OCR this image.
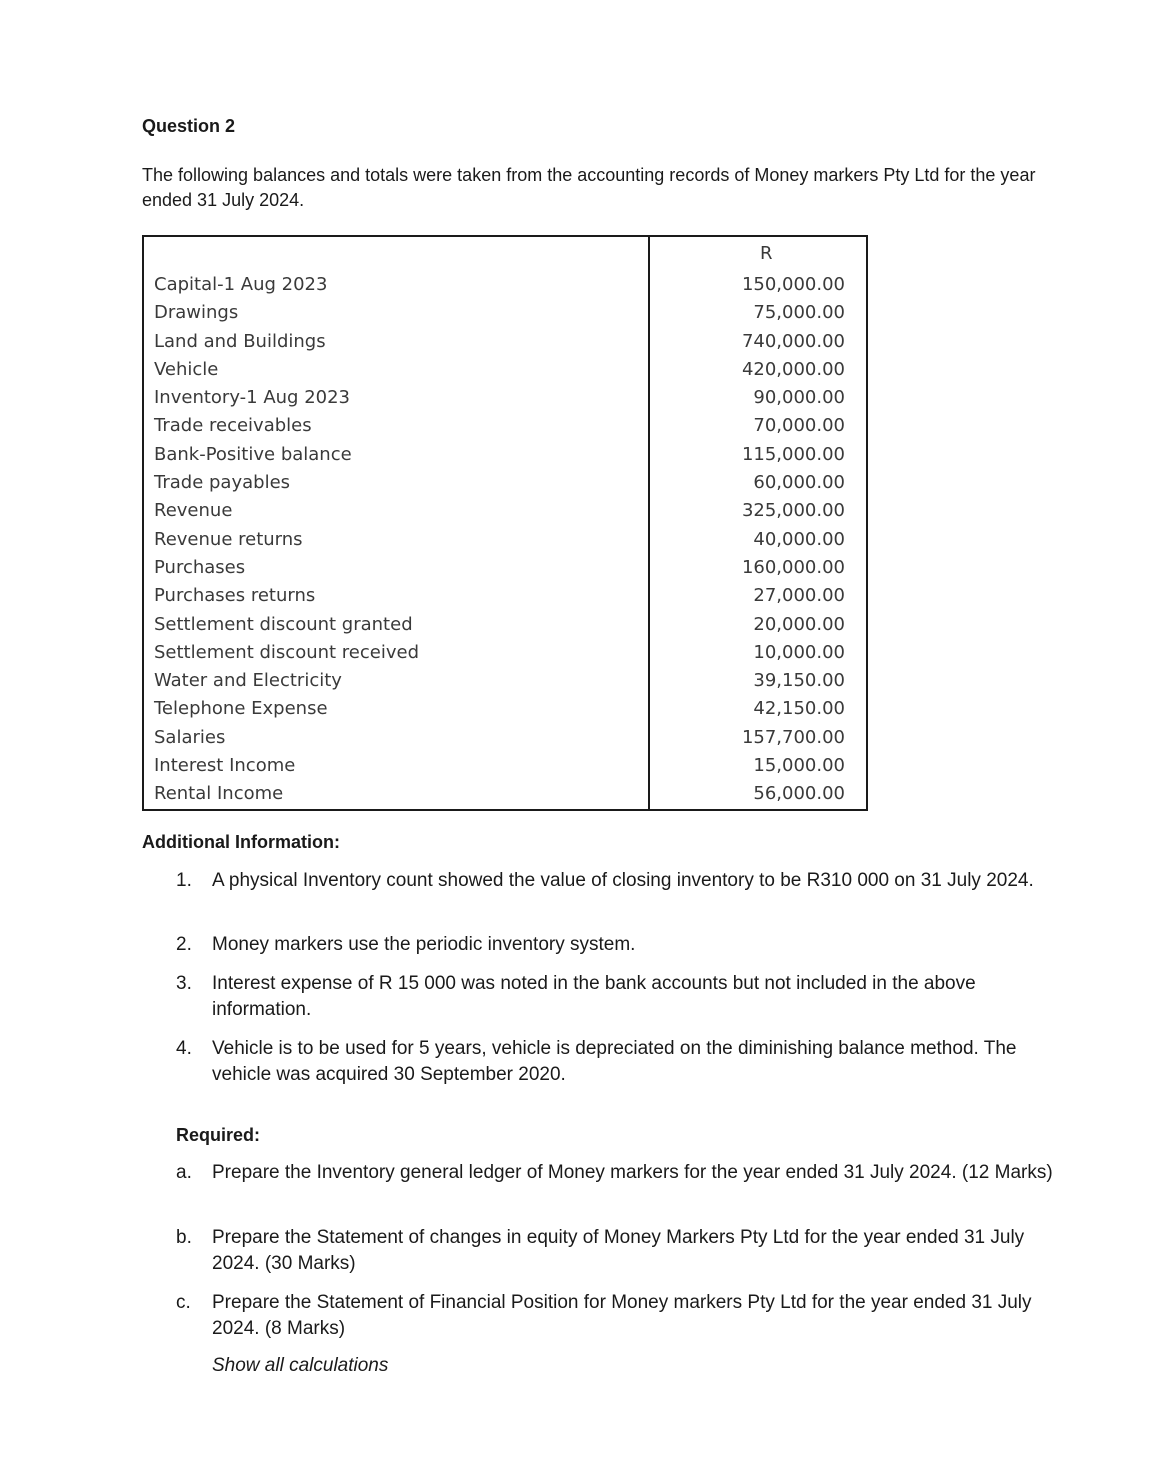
Question 2
The following balances and totals were taken from the accounting records of Money markers Pty Ltd for the year ended 31 July 2024.
	R
Capital-1 Aug 2023	150,000.00
Drawings	75,000.00
Land and Buildings	740,000.00
Vehicle	420,000.00
Inventory-1 Aug 2023	90,000.00
Trade receivables	70,000.00
Bank-Positive balance	115,000.00
Trade payables	60,000.00
Revenue	325,000.00
Revenue returns	40,000.00
Purchases	160,000.00
Purchases returns	27,000.00
Settlement discount granted	20,000.00
Settlement discount received	10,000.00
Water and Electricity	39,150.00
Telephone Expense	42,150.00
Salaries	157,700.00
Interest Income	15,000.00
Rental Income	56,000.00
Additional Information:
1.	A physical Inventory count showed the value of closing inventory to be R310 000 on 31 July 2024.
2.	Money markers use the periodic inventory system.
3.	Interest expense of R 15 000 was noted in the bank accounts but not included in the above information.
4.	Vehicle is to be used for 5 years, vehicle is depreciated on the diminishing balance method. The vehicle was acquired 30 September 2020.
Required:
a.	Prepare the Inventory general ledger of Money markers for the year ended 31 July 2024. (12 Marks)
b.	Prepare the Statement of changes in equity of Money Markers Pty Ltd for the year ended 31 July 2024. (30 Marks)
c.	Prepare the Statement of Financial Position for Money markers Pty Ltd for the year ended 31 July 2024. (8 Marks)
Show all calculations
